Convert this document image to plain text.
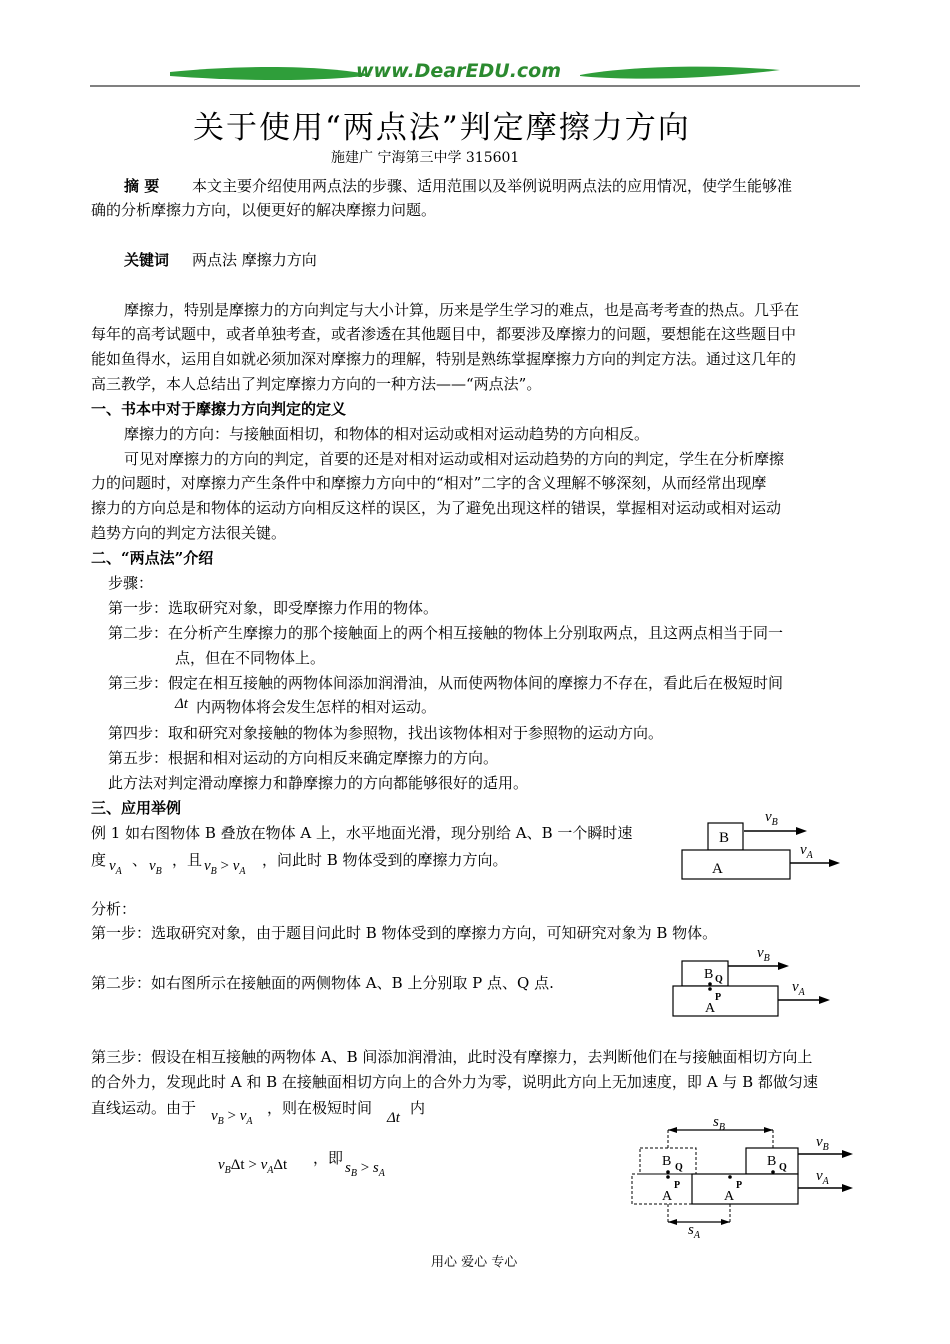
www.DearEDU.com
关于使用“两点法”判定摩擦力方向
施建广 宁海第三中学 315601
摘 要 本文主要介绍使用两点法的步骤、适用范围以及举例说明两点法的应用情况，使学生能够准
确的分析摩擦力方向，以便更好的解决摩擦力问题。
关键词 两点法 摩擦力方向
摩擦力，特别是摩擦力的方向判定与大小计算，历来是学生学习的难点，也是高考考查的热点。几乎在
每年的高考试题中，或者单独考查，或者渗透在其他题目中，都要涉及摩擦力的问题，要想能在这些题目中
能如鱼得水，运用自如就必须加深对摩擦力的理解，特别是熟练掌握摩擦力方向的判定方法。通过这几年的
高三教学，本人总结出了判定摩擦力方向的一种方法——“两点法”。
一、书本中对于摩擦力方向判定的定义
摩擦力的方向：与接触面相切，和物体的相对运动或相对运动趋势的方向相反。
可见对摩擦力的方向的判定，首要的还是对相对运动或相对运动趋势的方向的判定，学生在分析摩擦
力的问题时，对摩擦力产生条件中和摩擦力方向中的“相对”二字的含义理解不够深刻，从而经常出现摩
擦力的方向总是和物体的运动方向相反这样的误区，为了避免出现这样的错误，掌握相对运动或相对运动
趋势方向的判定方法很关键。
二、“两点法”介绍
步骤：
第一步：选取研究对象，即受摩擦力作用的物体。
第二步：在分析产生摩擦力的那个接触面上的两个相互接触的物体上分别取两点，且这两点相当于同一
点，但在不同物体上。
第三步：假定在相互接触的两物体间添加润滑油，从而使两物体间的摩擦力不存在，看此后在极短时间
Δt 内两物体将会发生怎样的相对运动。
第四步：取和研究对象接触的物体为参照物，找出该物体相对于参照物的运动方向。
第五步：根据和相对运动的方向相反来确定摩擦力的方向。
此方法对判定滑动摩擦力和静摩擦力的方向都能够很好的适用。
三、应用举例
例 1 如右图物体 B 叠放在物体 A 上，水平地面光滑，现分别给 A、B 一个瞬时速
度 $v_A$
、 $v_B$
，且 $v_B > v_A$
，问此时 B 物体受到的摩擦力方向。
B
A
$v_B$
$v_A$
分析：
第一步：选取研究对象，由于题目问此时 B 物体受到的摩擦力方向，可知研究对象为 B 物体。
第二步：如右图所示在接触面的两侧物体 A、B 上分别取 P 点、Q 点.	B Q
P
A
$v_B$
$v_A$
第三步：假设在相互接触的两物体 A、B 间添加润滑油，此时没有摩擦力，去判断他们在与接触面相切方向上
的合外力，发现此时 A 和 B 在接触面相切方向上的合外力为零，说明此方向上无加速度，即 A 与 B 都做匀速
直线运动。由于 $v_B > v_A$
，则在极短时间
Δt
内
$v_B\Delta t > v_A\Delta t$ ，即
$s_B > s_A$
$s_B$
B Q
P
A
B Q
P
A
$v_B$
$v_A$
$s_A$
用心 爱心 专心
